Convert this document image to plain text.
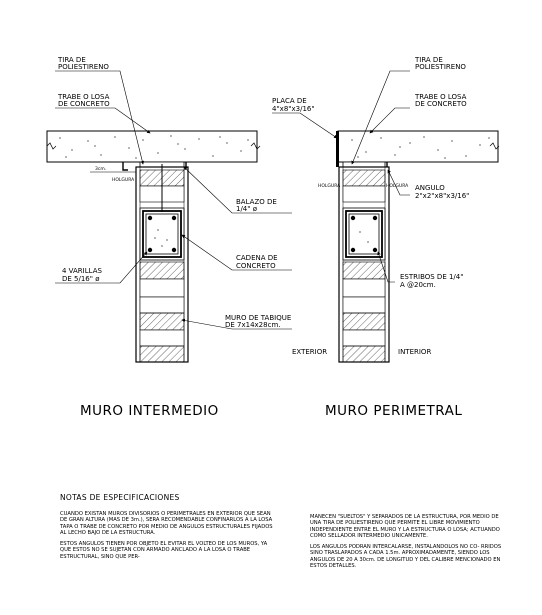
TIRA DE
POLIESTIRENO
TRABE O LOSA
DE CONCRETO
3cm.
HOLGURA
BALAZO DE
1/4" ø
CADENA DE
CONCRETO
4 VARILLAS
DE 5/16" ø
MURO DE TABIQUE
DE 7x14x28cm.
MURO INTERMEDIO
TIRA DE
POLIESTIRENO
TRABE O LOSA
DE CONCRETO
PLACA DE
4"x8"x3/16"
HOLGURA	HOLGURA ANGULO
2"x2"x8"x3/16"
ESTRIBOS DE 1/4"
A @20cm.
EXTERIOR	INTERIOR
MURO PERIMETRAL
NOTAS DE ESPECIFICACIONES

CUANDO EXISTAN MUROS DIVISORIOS O PERIMETRALES EN EXTERIOR QUE SEAN DE GRAN ALTURA (MAS DE 3m.), SERA RECOMENDABLE CONFINARLOS A LA LOSA TAPA O TRABE DE CONCRETO POR MEDIO DE ANGULOS ESTRUCTURALES FIJADOS AL LECHO BAJO DE LA ESTRUCTURA.

ESTOS ANGULOS TIENEN POR OBJETO EL EVITAR EL VOLTEO DE LOS MUROS, YA QUE ESTOS NO SE SUJETAN CON ARMADO ANCLADO A LA LOSA O TRABE ESTRUCTURAL, SINO QUE PER-

MANECEN "SUELTOS" Y SEPARADOS DE LA ESTRUCTURA, POR MEDIO DE UNA TIRA DE POLIESTIRENO QUE PERMITE EL LIBRE MOVIMIENTO INDEPENDIENTE ENTRE EL MURO Y LA ESTRUCTURA O LOSA; ACTUANDO COMO SELLADOR INTERMEDIO UNICAMENTE.

LOS ANGULOS PODRAN INTERCALARSE, INSTALANDOLOS NO CO- RRIDOS SINO TRASLAPADOS A CADA 1.5m. APROXIMADAMENTE, SIENDO LOS ANGULOS DE 20 A 30cm. DE LONGITUD Y DEL CALIBRE MENCIONADO EN ESTOS DETALLES.
